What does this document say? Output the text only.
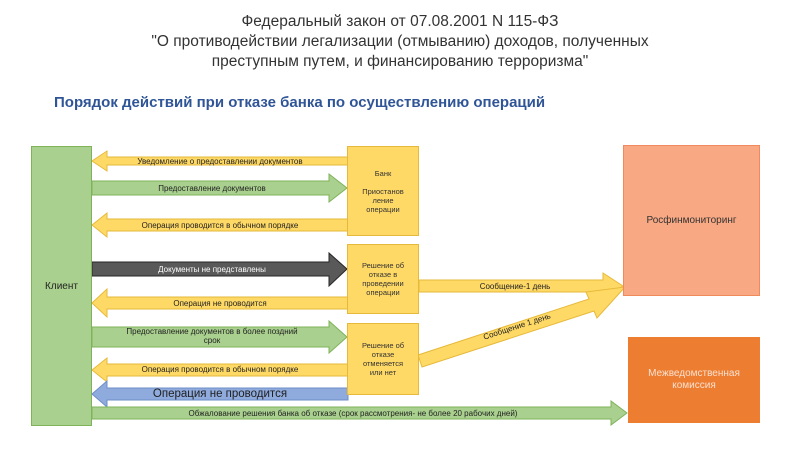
Федеральный закон от 07.08.2001 N 115-ФЗ
"О противодействии легализации (отмыванию) доходов, полученных
преступным путем, и финансированию терроризма"
Порядок действий при отказе банка по осуществлению операций
Уведомление о предоставлении документов
Предоставление документов
Операция проводится в обычном порядке
Документы не представлены
Операция не проводится
Предоставление документов в более поздний
срок
Операция проводится в обычном порядке
Операция не проводится
Обжалование решения банка об отказе (срок рассмотрения- не более 20 рабочих дней)
Сообщение-1 день
Сообщение 1 день
Клиент
Банк
Приостанов
ление
операции
Решение об
отказе в
проведении
операции
Решение об
отказе
отменяется
или нет
Росфинмониторинг
Межведомственная
комиссия
